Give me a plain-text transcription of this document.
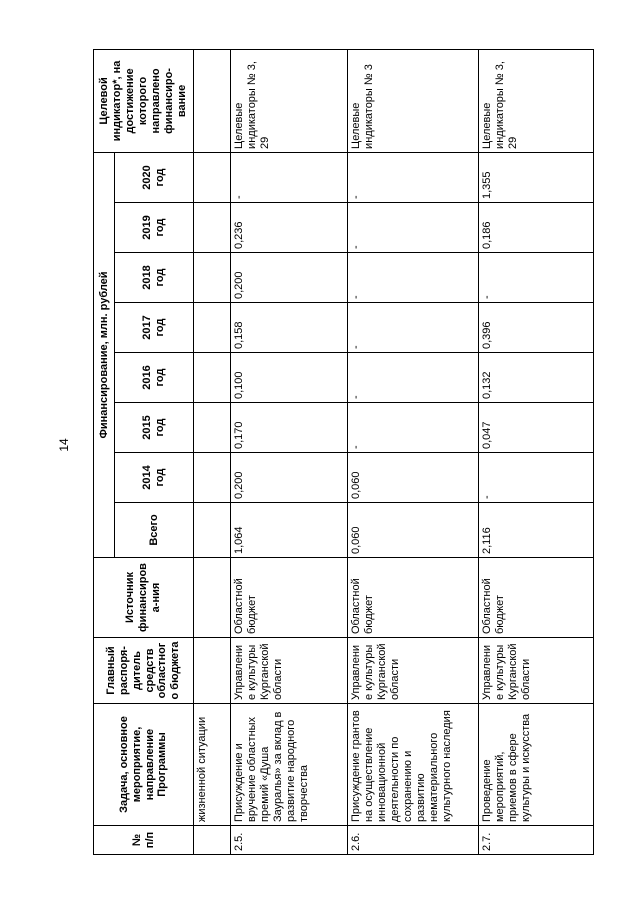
14
№ п/п	Задача, основное мероприятие, направление Программы	Главный распоря-дитель средств областного бюджета	Источник финансирова-ния	Финансирование, млн. рублей								Целевой индикатор*, на достижение которого направлено финансиро-вание
				Всего	2014 год	2015 год	2016 год	2017 год	2018 год	2019 год	2020 год	
	жизненной ситуации											
2.5.	Присуждение и вручение областных премий «Душа Зауралья» за вклад в развитие народного творчества	Управление культуры Курганской области	Областной бюджет	1,064	0,200	0,170	0,100	0,158	0,200	0,236	-	Целевые индикаторы № 3, 29
2.6.	Присуждение грантов на осуществление инновационной деятельности по сохранению и развитию нематериального культурного наследия	Управление культуры Курганской области	Областной бюджет	0,060	0,060	-	-	-	-	-	-	Целевые индикаторы № 3
2.7.	Проведение мероприятий, приемов в сфере культуры и искусства	Управление культуры Курганской области	Областной бюджет	2,116	-	0,047	0,132	0,396	-	0,186	1,355	Целевые индикаторы № 3, 29
